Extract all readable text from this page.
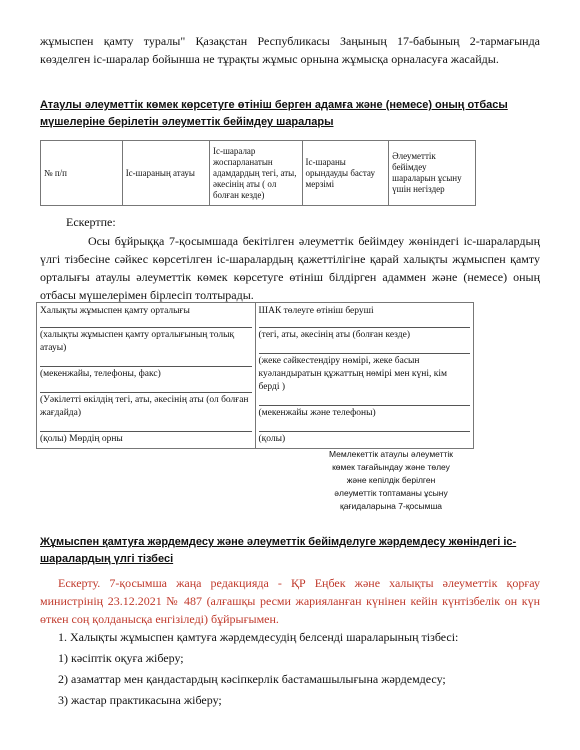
жұмыспен қамту туралы" Қазақстан Республикасы Заңының 17-бабының 2-тармағында көзделген іс-шаралар бойынша не тұрақты жұмыс орнына жұмысқа орналасуға жасайды.
Атаулы әлеуметтік көмек көрсетуге өтініш берген адамға және (немесе) оның отбасы мүшелеріне берілетін әлеуметтік бейімдеу шаралары
№ п/п	Іс-шараның атауы	Іс-шаралар жоспарланатын адамдардың тегі, аты, әкесінің аты ( ол болған кезде)	Іс-шараны орындауды бастау мерзімі	Әлеуметтік бейімдеу шараларын ұсыну үшін негіздер
Ескертпе:
Осы бұйрыққа 7-қосымшада бекітілген әлеуметтік бейімдеу жөніндегі іс-шаралардың үлгі тізбесіне сәйкес көрсетілген іс-шаралардың қажеттілігіне қарай халықты жұмыспен қамту орталығы атаулы әлеуметтік көмек көрсетуге өтініш білдірген адаммен және (немесе) оның отбасы мүшелерімен бірлесіп толтырады.
Халықты жұмыспен қамту орталығы
(халықты жұмыспен қамту орталығының толық атауы)
(мекенжайы, телефоны, факс)
(Уәкілетті өкілдің тегі, аты, әкесінің аты (ол болған жағдайда)
(қолы) Мөрдің орны

ШАК төлеуге өтініш беруші
(тегі, аты, әкесінің аты (болған кезде)
(жеке сәйкестендіру нөмірі, жеке басын куәландыратын құжаттың нөмірі мен күні, кім берді )
(мекенжайы және телефоны)
(қолы)
Мемлекеттік атаулы әлеуметтік көмек тағайындау және төлеу және кепілдік берілген әлеуметтік топтаманы ұсыну қағидаларына 7-қосымша
Жұмыспен қамтуға жәрдемдесу және әлеуметтік бейімделуге жәрдемдесу жөніндегі іс-шаралардың үлгі тізбесі
Ескерту. 7-қосымша жаңа редакцияда - ҚР Еңбек және халықты әлеуметтік қорғау министрінің 23.12.2021 № 487 (алғашқы ресми жарияланған күнінен кейін күнтізбелік он күн өткен соң қолданысқа енгізіледі) бұйрығымен.
1. Халықты жұмыспен қамтуға жәрдемдесудің белсенді шараларының тізбесі:
1) кәсіптік оқуға жіберу;
2) азаматтар мен қандастардың кәсіпкерлік бастамашылығына жәрдемдесу;
3) жастар практикасына жіберу;
